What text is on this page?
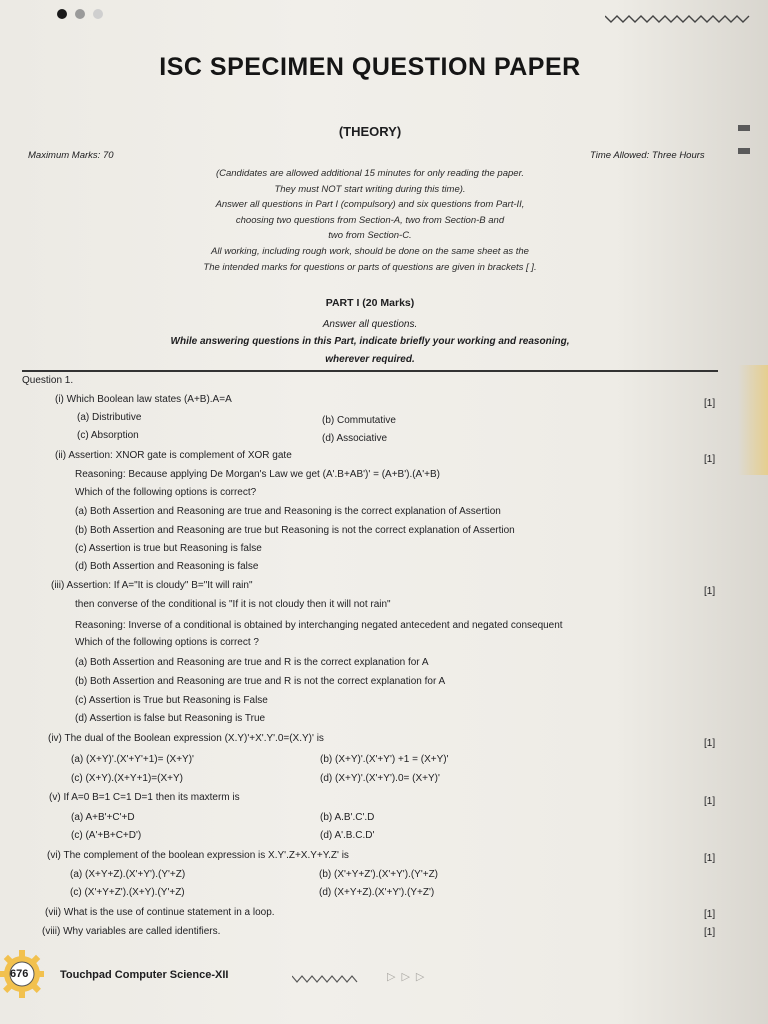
ISC SPECIMEN QUESTION PAPER
(THEORY)
Maximum Marks: 70	Time Allowed: Three Hours
(Candidates are allowed additional 15 minutes for only reading the paper.
They must NOT start writing during this time).
Answer all questions in Part I (compulsory) and six questions from Part-II,
choosing two questions from Section-A, two from Section-B and
two from Section-C.
All working, including rough work, should be done on the same sheet as the
The intended marks for questions or parts of questions are given in brackets [ ].
PART I (20 Marks)
Answer all questions.
While answering questions in this Part, indicate briefly your working and reasoning,
wherever required.
Question 1.
(i) Which Boolean law states (A+B).A=A	[1]
(a) Distributive	(b) Commutative
(c) Absorption	(d) Associative
(ii) Assertion: XNOR gate is complement of XOR gate	[1]
Reasoning: Because applying De Morgan's Law we get (A'.B+AB')' = (A+B').(A'+B)
Which of the following options is correct?
(a) Both Assertion and Reasoning are true and Reasoning is the correct explanation of Assertion
(b) Both Assertion and Reasoning are true but Reasoning is not the correct explanation of Assertion
(c) Assertion is true but Reasoning is false
(d) Both Assertion and Reasoning is false
(iii) Assertion: If A="It is cloudy" B="It will rain"
[1]
then converse of the conditional is "If it is not cloudy then it will not rain"
Reasoning: Inverse of a conditional is obtained by interchanging negated antecedent and negated consequent
Which of the following options is correct ?
(a) Both Assertion and Reasoning are true and R is the correct explanation for A
(b) Both Assertion and Reasoning are true and R is not the correct explanation for A
(c) Assertion is True but Reasoning is False
(d) Assertion is false but Reasoning is True
(iv) The dual of the Boolean expression (X.Y)'+X'.Y'.0=(X.Y)' is	[1]
(a) (X+Y)'.(X'+Y'+1)= (X+Y)'	(b) (X+Y)'.(X'+Y') +1 = (X+Y)'
(c) (X+Y).(X+Y+1)=(X+Y)	(d) (X+Y)'.(X'+Y').0= (X+Y)'
(v) If A=0 B=1 C=1 D=1 then its maxterm is	[1]
(a) A+B'+C'+D	(b) A.B'.C'.D
(c) (A'+B+C+D')	(d) A'.B.C.D'
(vi) The complement of the boolean expression is X.Y'.Z+X.Y+Y.Z' is	[1]
(a) (X+Y+Z).(X'+Y').(Y'+Z)	(b) (X'+Y+Z').(X'+Y').(Y'+Z)
(c) (X'+Y+Z').(X+Y).(Y'+Z)	(d) (X+Y+Z).(X'+Y').(Y+Z')
(vii) What is the use of continue statement in a loop.	[1]
(viii) Why variables are called identifiers.	[1]
676	Touchpad Computer Science-XII	▷▷▷
